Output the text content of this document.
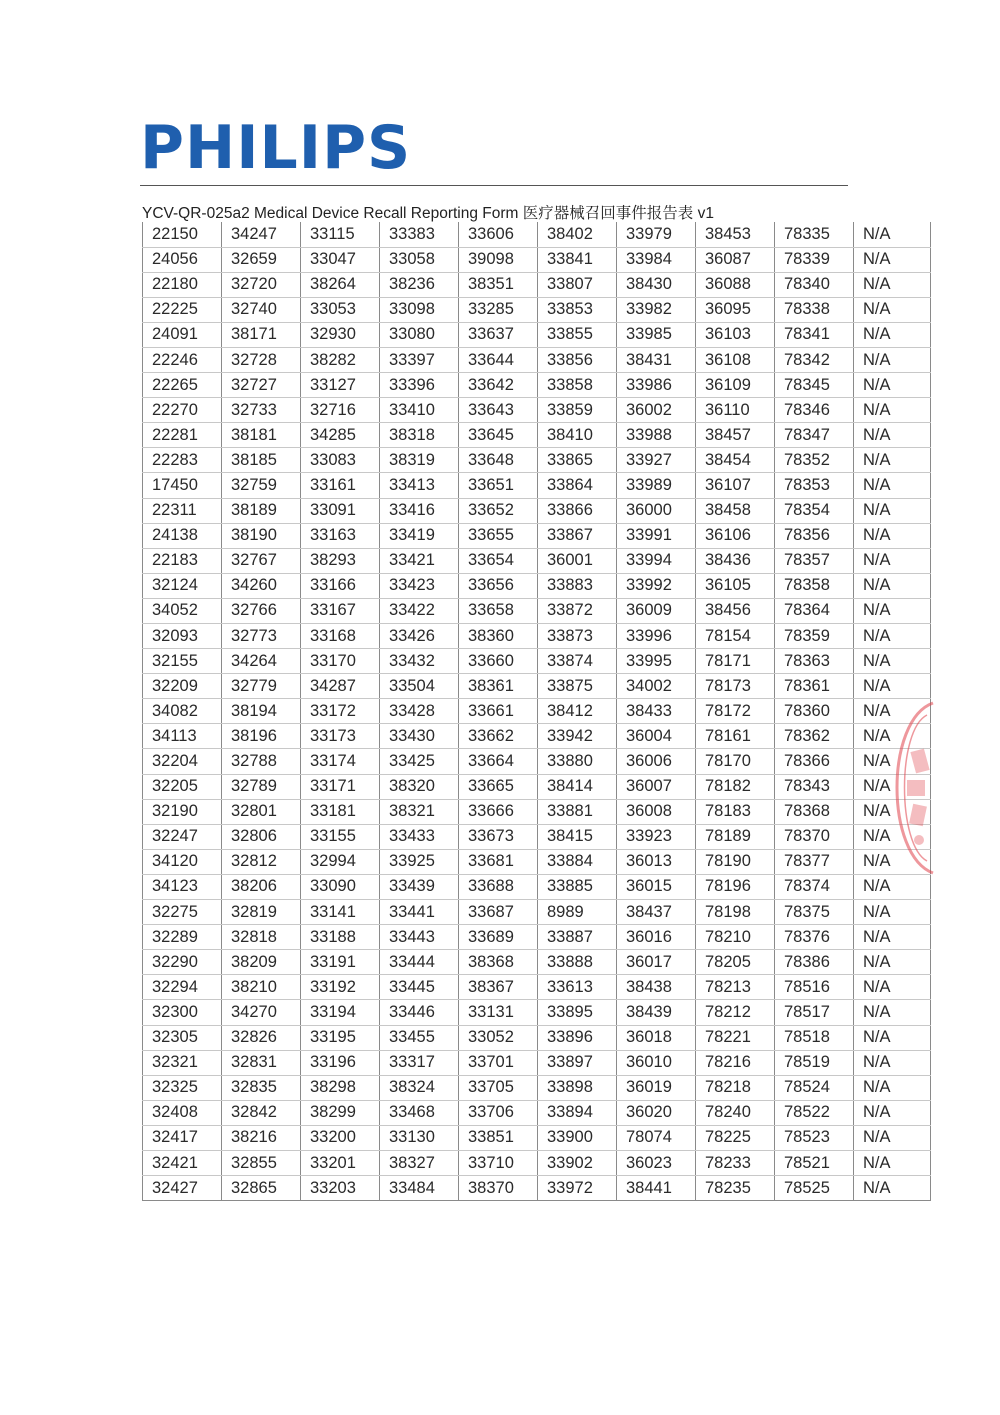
PHILIPS
YCV-QR-025a2 Medical Device Recall Reporting Form 医疗器械召回事件报告表 v1
22150	34247	33115	33383	33606	38402	33979	38453	78335	N/A
24056	32659	33047	33058	39098	33841	33984	36087	78339	N/A
22180	32720	38264	38236	38351	33807	38430	36088	78340	N/A
22225	32740	33053	33098	33285	33853	33982	36095	78338	N/A
24091	38171	32930	33080	33637	33855	33985	36103	78341	N/A
22246	32728	38282	33397	33644	33856	38431	36108	78342	N/A
22265	32727	33127	33396	33642	33858	33986	36109	78345	N/A
22270	32733	32716	33410	33643	33859	36002	36110	78346	N/A
22281	38181	34285	38318	33645	38410	33988	38457	78347	N/A
22283	38185	33083	38319	33648	33865	33927	38454	78352	N/A
17450	32759	33161	33413	33651	33864	33989	36107	78353	N/A
22311	38189	33091	33416	33652	33866	36000	38458	78354	N/A
24138	38190	33163	33419	33655	33867	33991	36106	78356	N/A
22183	32767	38293	33421	33654	36001	33994	38436	78357	N/A
32124	34260	33166	33423	33656	33883	33992	36105	78358	N/A
34052	32766	33167	33422	33658	33872	36009	38456	78364	N/A
32093	32773	33168	33426	38360	33873	33996	78154	78359	N/A
32155	34264	33170	33432	33660	33874	33995	78171	78363	N/A
32209	32779	34287	33504	38361	33875	34002	78173	78361	N/A
34082	38194	33172	33428	33661	38412	38433	78172	78360	N/A
34113	38196	33173	33430	33662	33942	36004	78161	78362	N/A
32204	32788	33174	33425	33664	33880	36006	78170	78366	N/A
32205	32789	33171	38320	33665	38414	36007	78182	78343	N/A
32190	32801	33181	38321	33666	33881	36008	78183	78368	N/A
32247	32806	33155	33433	33673	38415	33923	78189	78370	N/A
34120	32812	32994	33925	33681	33884	36013	78190	78377	N/A
34123	38206	33090	33439	33688	33885	36015	78196	78374	N/A
32275	32819	33141	33441	33687	8989	38437	78198	78375	N/A
32289	32818	33188	33443	33689	33887	36016	78210	78376	N/A
32290	38209	33191	33444	38368	33888	36017	78205	78386	N/A
32294	38210	33192	33445	38367	33613	38438	78213	78516	N/A
32300	34270	33194	33446	33131	33895	38439	78212	78517	N/A
32305	32826	33195	33455	33052	33896	36018	78221	78518	N/A
32321	32831	33196	33317	33701	33897	36010	78216	78519	N/A
32325	32835	38298	38324	33705	33898	36019	78218	78524	N/A
32408	32842	38299	33468	33706	33894	36020	78240	78522	N/A
32417	38216	33200	33130	33851	33900	78074	78225	78523	N/A
32421	32855	33201	38327	33710	33902	36023	78233	78521	N/A
32427	32865	33203	33484	38370	33972	38441	78235	78525	N/A
